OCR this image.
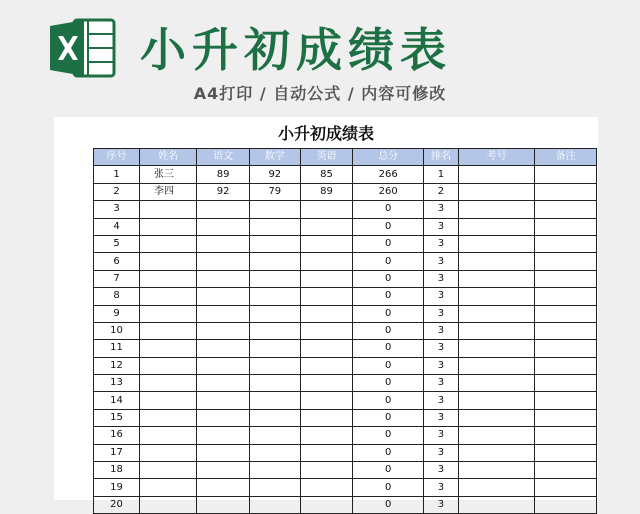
小升初成绩表
A4打印 / 自动公式 / 内容可修改
小升初成绩表
序号	姓名	语文	数学	英语	总分	排名	考号	备注
1	张三	89	92	85	266	1		
2	李四	92	79	89	260	2		
3					0	3		
4					0	3		
5					0	3		
6					0	3		
7					0	3		
8					0	3		
9					0	3		
10					0	3		
11					0	3		
12					0	3		
13					0	3		
14					0	3		
15					0	3		
16					0	3		
17					0	3		
18					0	3		
19					0	3		
20					0	3		
